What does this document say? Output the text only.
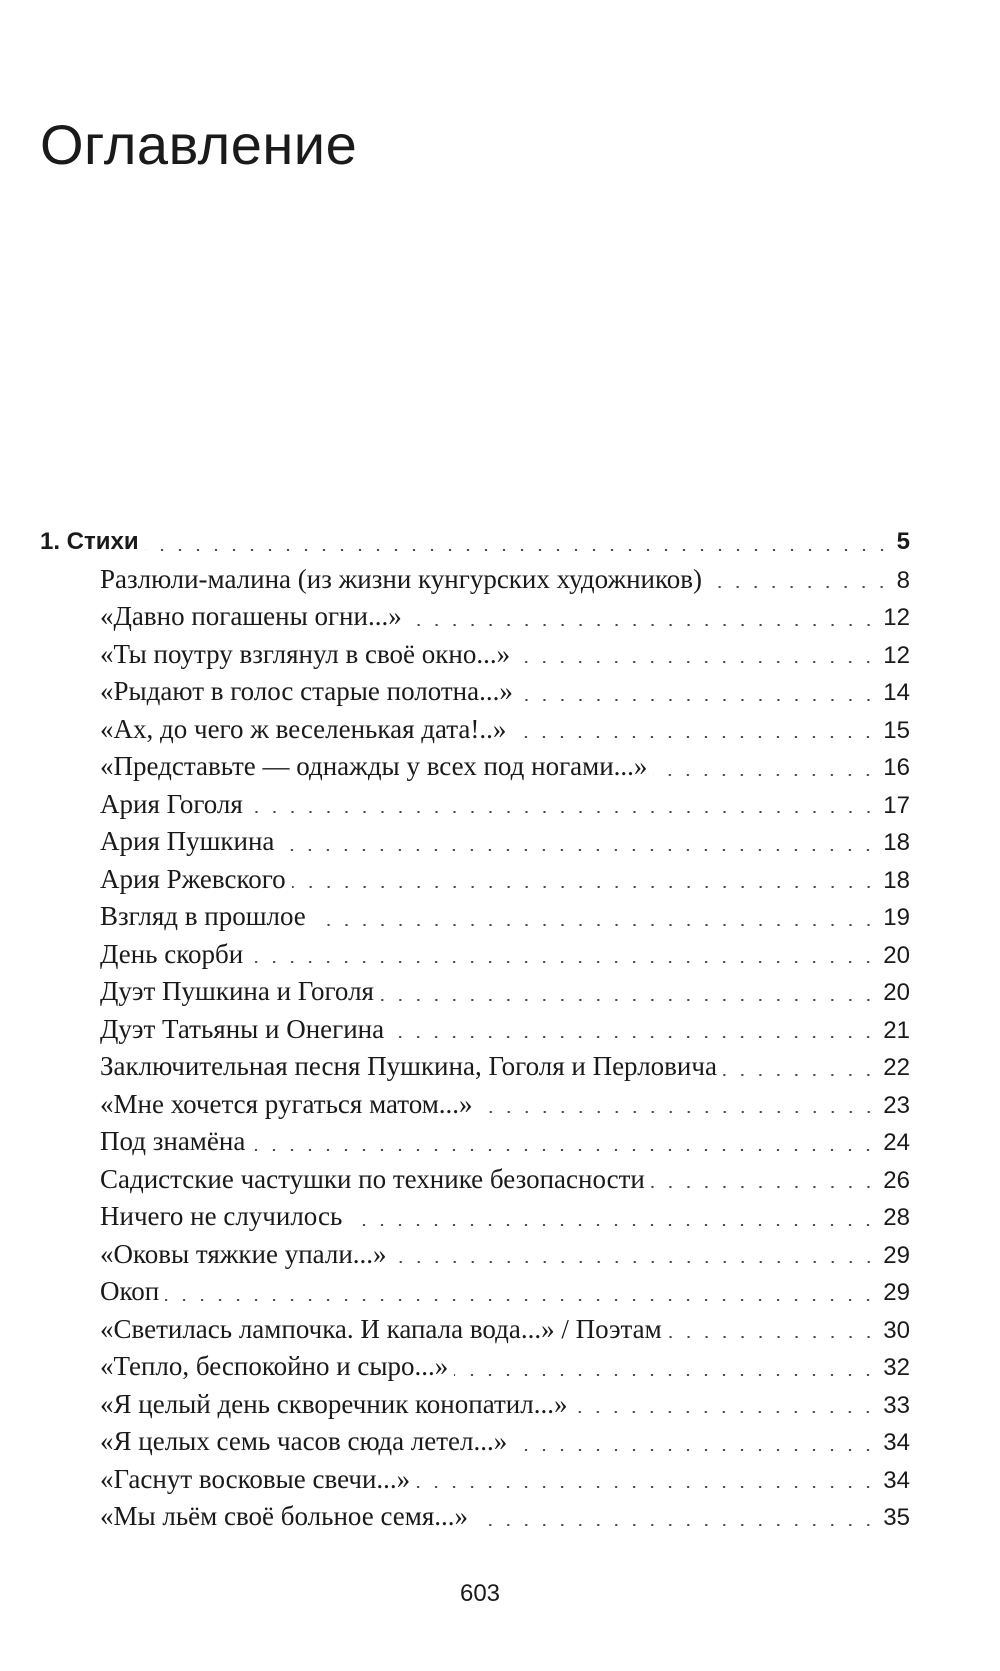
Оглавление
1. Стихи	5
Разлюли-малина (из жизни кунгурских художников)	8
«Давно погашены огни...»	12
«Ты поутру взглянул в своё окно...»	12
«Рыдают в голос старые полотна...»	14
«Ах, до чего ж веселенькая дата!..»	15
«Представьте — однажды у всех под ногами...»	16
Ария Гоголя	17
Ария Пушкина	18
Ария Ржевского	18
Взгляд в прошлое	19
День скорби	20
Дуэт Пушкина и Гоголя	20
Дуэт Татьяны и Онегина	21
Заключительная песня Пушкина, Гоголя и Перловича	22
«Мне хочется ругаться матом...»	23
Под знамёна	24
Садистские частушки по технике безопасности	26
Ничего не случилось	28
«Оковы тяжкие упали...»	29
Окоп	29
«Светилась лампочка. И капала вода...» / Поэтам	30
«Тепло, беспокойно и сыро...»	32
«Я целый день скворечник конопатил...»	33
«Я целых семь часов сюда летел...»	34
«Гаснут восковые свечи...»	34
«Мы льём своё больное семя...»	35
603
